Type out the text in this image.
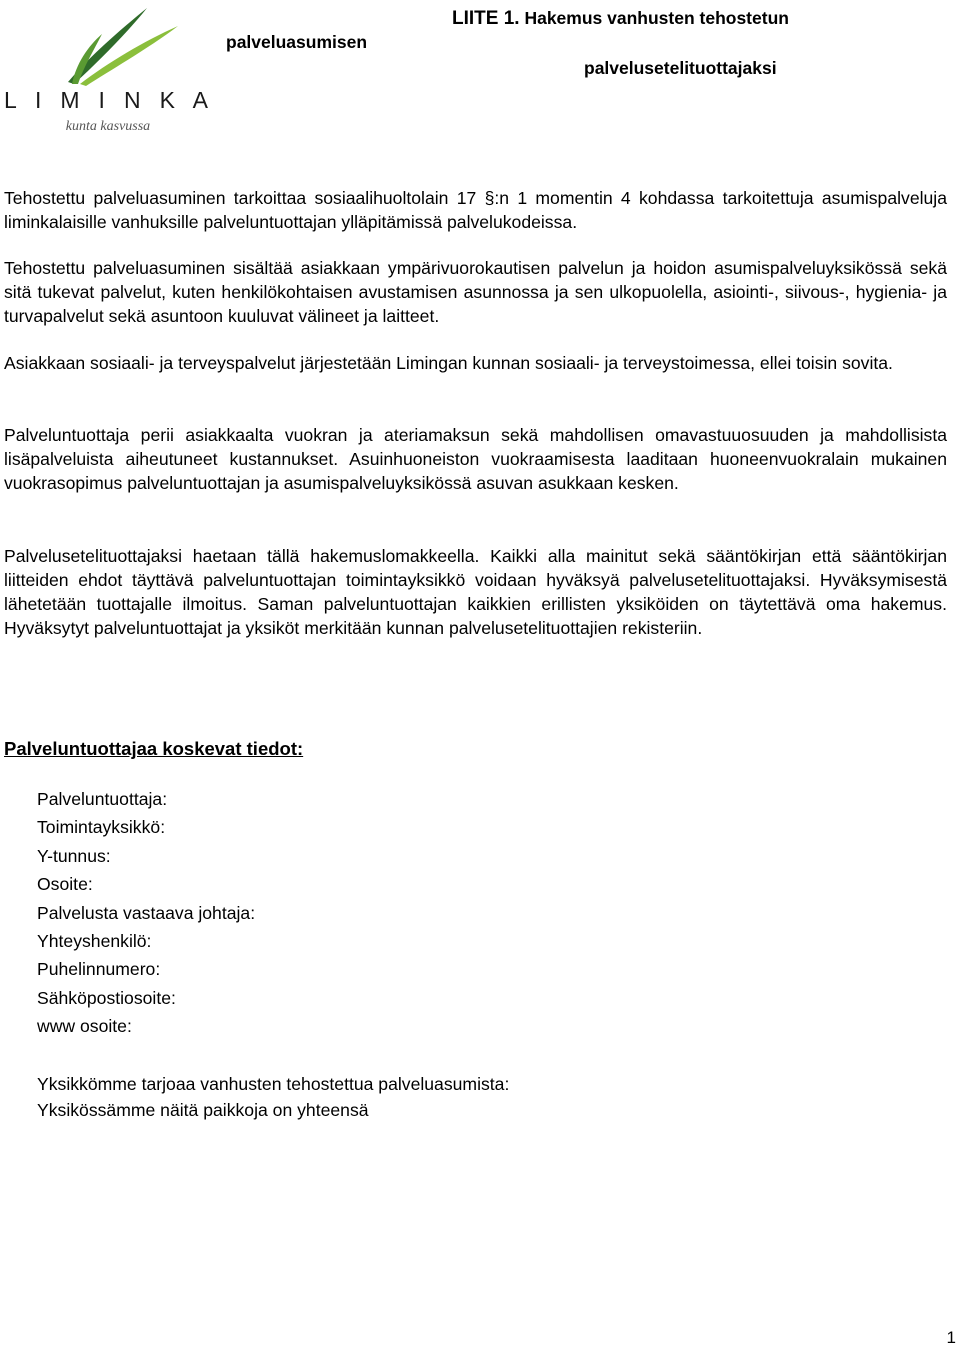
L I M I N K A
kunta kasvussa
palveluasumisen
LIITE 1. Hakemus vanhusten tehostetun
palvelusetelituottajaksi

Tehostettu palveluasuminen tarkoittaa sosiaalihuoltolain 17 §:n 1 momentin 4 kohdassa tarkoitettuja asumispalveluja liminkalaisille vanhuksille palveluntuottajan ylläpitämissä palvelukodeissa.

Tehostettu palveluasuminen sisältää asiakkaan ympärivuorokautisen palvelun ja hoidon asumispalveluyksikössä sekä sitä tukevat palvelut, kuten henkilökohtaisen avustamisen asunnossa ja sen ulkopuolella, asiointi-, siivous-, hygienia- ja turvapalvelut sekä asuntoon kuuluvat välineet ja laitteet.

Asiakkaan sosiaali- ja terveyspalvelut järjestetään Limingan kunnan sosiaali- ja terveystoimessa, ellei toisin sovita.

Palveluntuottaja perii asiakkaalta vuokran ja ateriamaksun sekä mahdollisen omavastuuosuuden ja mahdollisista lisäpalveluista aiheutuneet kustannukset. Asuinhuoneiston vuokraamisesta laaditaan huoneenvuokralain mukainen vuokrasopimus palveluntuottajan ja asumispalveluyksikössä asuvan asukkaan kesken.

Palvelusetelituottajaksi haetaan tällä hakemuslomakkeella. Kaikki alla mainitut sekä sääntökirjan että sääntökirjan liitteiden ehdot täyttävä palveluntuottajan toimintayksikkö voidaan hyväksyä palvelusetelituottajaksi. Hyväksymisestä lähetetään tuottajalle ilmoitus. Saman palveluntuottajan kaikkien erillisten yksiköiden on täytettävä oma hakemus. Hyväksytyt palveluntuottajat ja yksiköt merkitään kunnan palvelusetelituottajien rekisteriin.

Palveluntuottajaa koskevat tiedot:
Palveluntuottaja:
Toimintayksikkö:
Y-tunnus:
Osoite:
Palvelusta vastaava johtaja:
Yhteyshenkilö:
Puhelinnumero:
Sähköpostiosoite:
www osoite:
Yksikkömme tarjoaa vanhusten tehostettua palveluasumista:
Yksikössämme näitä paikkoja on yhteensä
1
